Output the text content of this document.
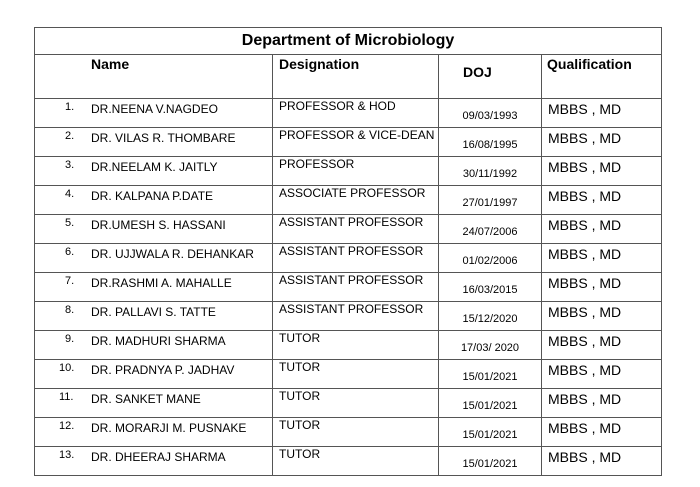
Department of Microbiology			
Name	Designation	DOJ	Qualification

1. DR.NEENA V.NAGDEO	PROFESSOR & HOD	09/03/1993	MBBS , MD

2. DR. VILAS R. THOMBARE	PROFESSOR & VICE-DEAN	16/08/1995	MBBS , MD

3. DR.NEELAM K. JAITLY	PROFESSOR	30/11/1992	MBBS , MD

4. DR. KALPANA P.DATE	ASSOCIATE PROFESSOR	27/01/1997	MBBS , MD

5. DR.UMESH S. HASSANI	ASSISTANT PROFESSOR	24/07/2006	MBBS , MD

6. DR. UJJWALA R. DEHANKAR	ASSISTANT PROFESSOR	01/02/2006	MBBS , MD

7. DR.RASHMI A. MAHALLE	ASSISTANT PROFESSOR	16/03/2015	MBBS , MD

8. DR. PALLAVI S. TATTE	ASSISTANT PROFESSOR	15/12/2020	MBBS , MD

9. DR. MADHURI SHARMA	TUTOR	17/03/ 2020	MBBS , MD

10. DR. PRADNYA P. JADHAV	TUTOR	15/01/2021	MBBS , MD

11. DR. SANKET MANE	TUTOR	15/01/2021	MBBS , MD

12. DR. MORARJI M. PUSNAKE	TUTOR	15/01/2021	MBBS , MD

13. DR. DHEERAJ SHARMA	TUTOR	15/01/2021	MBBS , MD
